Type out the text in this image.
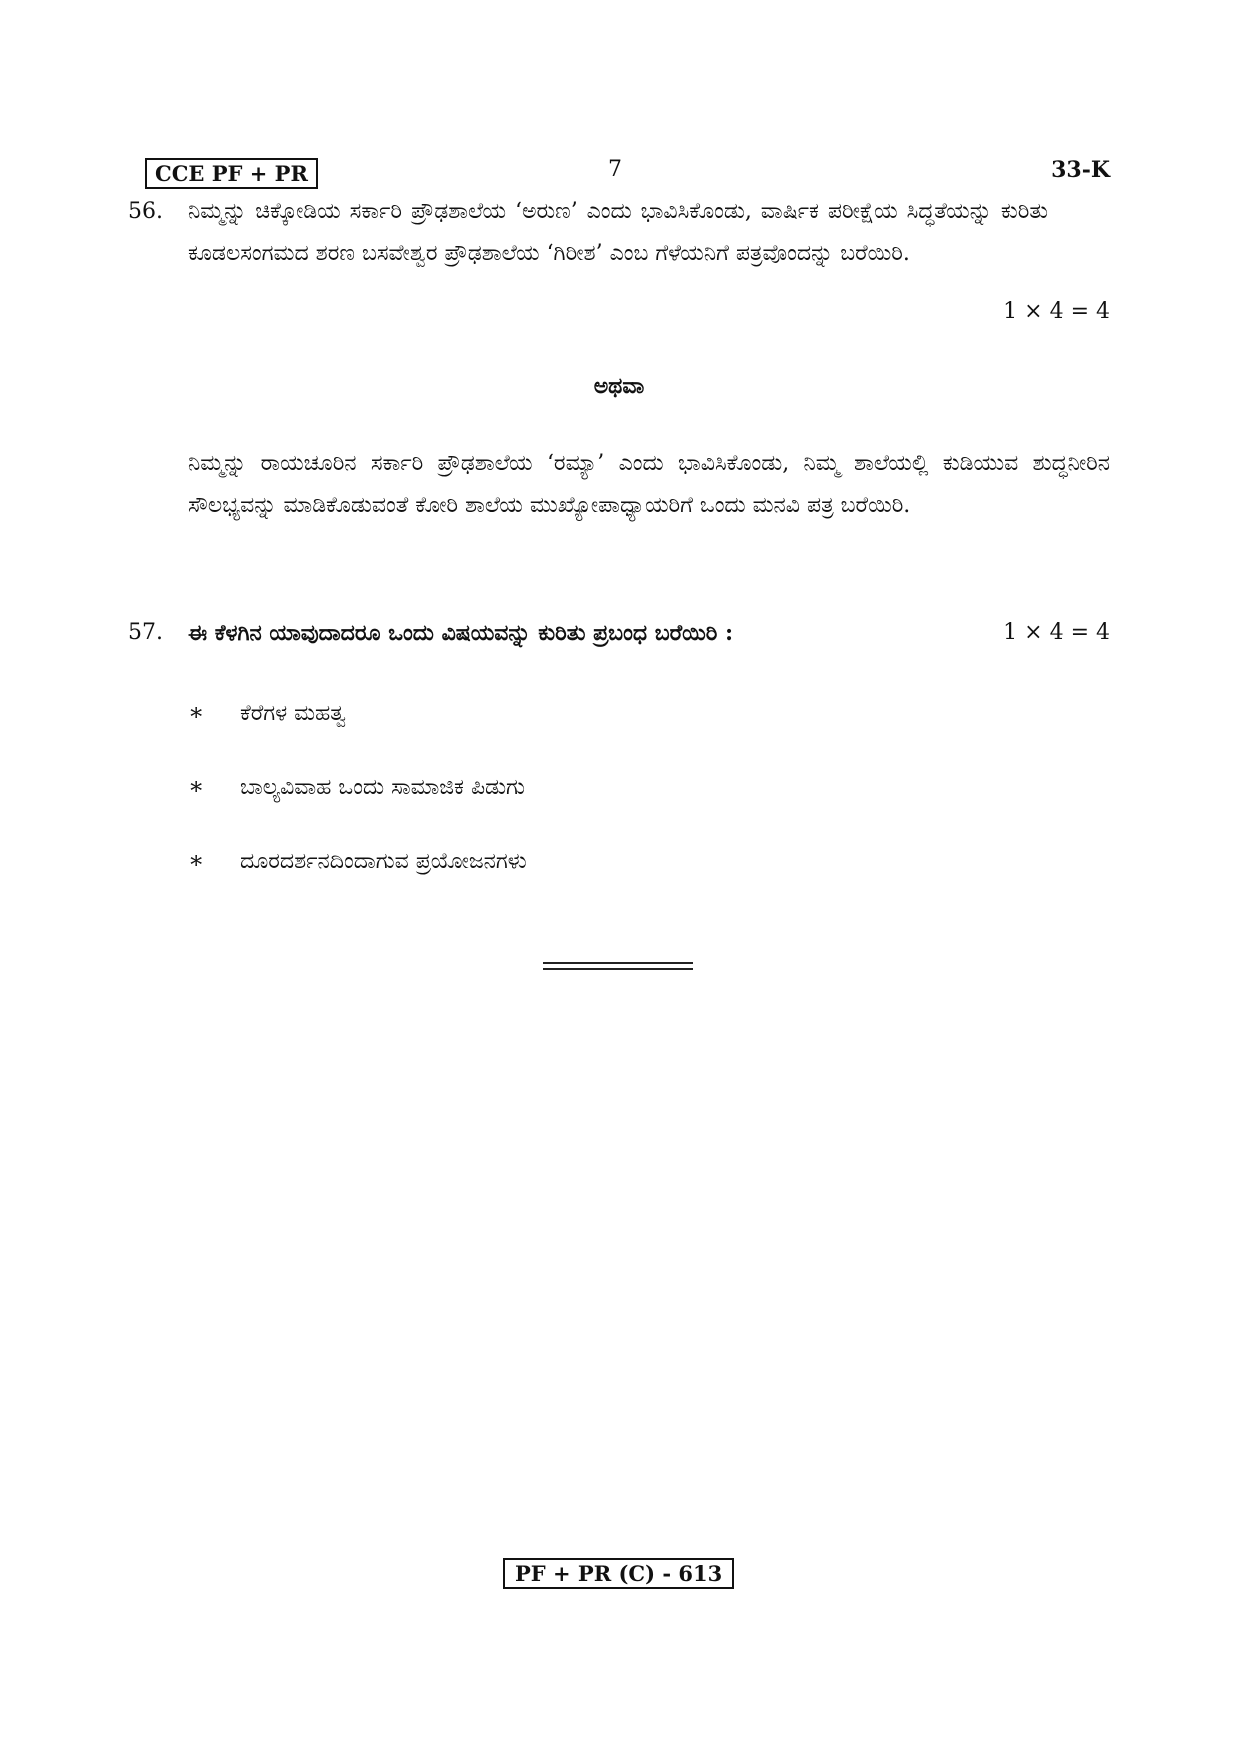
CCE PF + PR	7	33-K
56.	ನಿಮ್ಮನ್ನು ಚಿಕ್ಕೋಡಿಯ ಸರ್ಕಾರಿ ಪ್ರೌಢಶಾಲೆಯ ‘ಅರುಣ’ ಎಂದು ಭಾವಿಸಿಕೊಂಡು, ವಾರ್ಷಿಕ ಪರೀಕ್ಷೆಯ ಸಿದ್ಧತೆಯನ್ನು ಕುರಿತು ಕೂಡಲಸಂಗಮದ ಶರಣ ಬಸವೇಶ್ವರ ಪ್ರೌಢಶಾಲೆಯ ‘ಗಿರೀಶ’ ಎಂಬ ಗೆಳೆಯನಿಗೆ ಪತ್ರವೊಂದನ್ನು ಬರೆಯಿರಿ.
1 × 4 = 4
ಅಥವಾ
ನಿಮ್ಮನ್ನು ರಾಯಚೂರಿನ ಸರ್ಕಾರಿ ಪ್ರೌಢಶಾಲೆಯ ‘ರಮ್ಯಾ’ ಎಂದು ಭಾವಿಸಿಕೊಂಡು, ನಿಮ್ಮ ಶಾಲೆಯಲ್ಲಿ ಕುಡಿಯುವ ಶುದ್ಧನೀರಿನ ಸೌಲಭ್ಯವನ್ನು ಮಾಡಿಕೊಡುವಂತೆ ಕೋರಿ ಶಾಲೆಯ ಮುಖ್ಯೋಪಾಧ್ಯಾಯರಿಗೆ ಒಂದು ಮನವಿ ಪತ್ರ ಬರೆಯಿರಿ.
57.	ಈ ಕೆಳಗಿನ ಯಾವುದಾದರೂ ಒಂದು ವಿಷಯವನ್ನು ಕುರಿತು ಪ್ರಬಂಧ ಬರೆಯಿರಿ :	1 × 4 = 4
∗ ಕೆರೆಗಳ ಮಹತ್ವ
∗ ಬಾಲ್ಯವಿವಾಹ ಒಂದು ಸಾಮಾಜಿಕ ಪಿಡುಗು
∗ ದೂರದರ್ಶನದಿಂದಾಗುವ ಪ್ರಯೋಜನಗಳು
PF + PR (C) - 613
